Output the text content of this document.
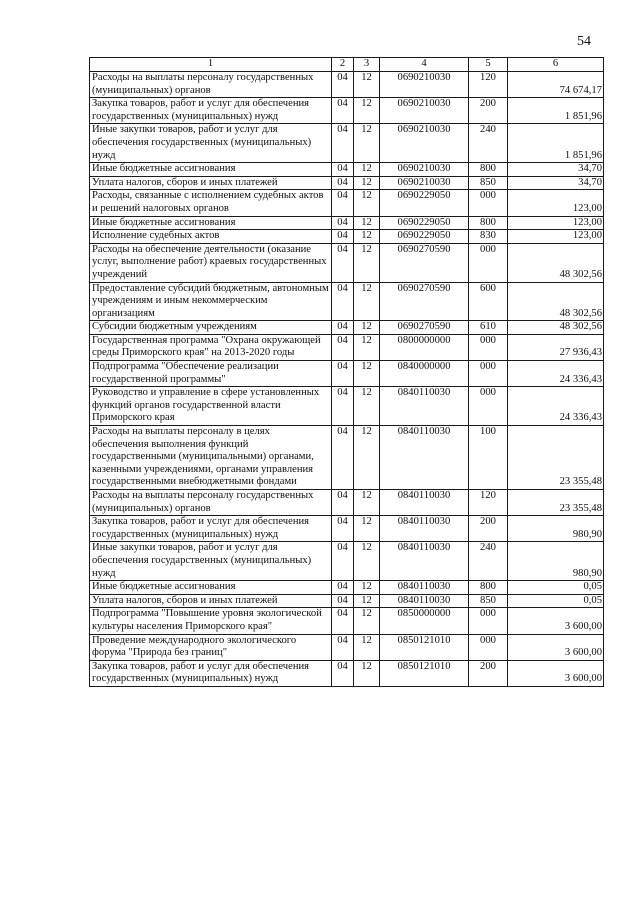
54
1	2	3	4	5	6
Расходы на выплаты персоналу государственных (муниципальных) органов	04	12	0690210030	120	74 674,17
Закупка товаров, работ и услуг для обеспечения государственных (муниципальных) нужд	04	12	0690210030	200	1 851,96
Иные закупки товаров, работ и услуг для обеспечения государственных (муниципальных) нужд	04	12	0690210030	240	1 851,96
Иные бюджетные ассигнования	04	12	0690210030	800	34,70
Уплата налогов, сборов и иных платежей	04	12	0690210030	850	34,70
Расходы, связанные с исполнением судебных актов и решений налоговых органов	04	12	0690229050	000	123,00
Иные бюджетные ассигнования	04	12	0690229050	800	123,00
Исполнение судебных актов	04	12	0690229050	830	123,00
Расходы на обеспечение деятельности (оказание услуг, выполнение работ) краевых государственных учреждений	04	12	0690270590	000	48 302,56
Предоставление субсидий бюджетным, автономным учреждениям и иным некоммерческим организациям	04	12	0690270590	600	48 302,56
Субсидии бюджетным учреждениям	04	12	0690270590	610	48 302,56
Государственная программа "Охрана окружающей среды Приморского края" на 2013-2020 годы	04	12	0800000000	000	27 936,43
Подпрограмма "Обеспечение реализации государственной программы"	04	12	0840000000	000	24 336,43
Руководство и управление в сфере установленных функций органов государственной власти Приморского края	04	12	0840110030	000	24 336,43
Расходы на выплаты персоналу в целях обеспечения выполнения функций государственными (муниципальными) органами, казенными учреждениями, органами управления государственными внебюджетными фондами	04	12	0840110030	100	23 355,48
Расходы на выплаты персоналу государственных (муниципальных) органов	04	12	0840110030	120	23 355,48
Закупка товаров, работ и услуг для обеспечения государственных (муниципальных) нужд	04	12	0840110030	200	980,90
Иные закупки товаров, работ и услуг для обеспечения государственных (муниципальных) нужд	04	12	0840110030	240	980,90
Иные бюджетные ассигнования	04	12	0840110030	800	0,05
Уплата налогов, сборов и иных платежей	04	12	0840110030	850	0,05
Подпрограмма "Повышение уровня экологической культуры населения Приморского края"	04	12	0850000000	000	3 600,00
Проведение международного экологического форума "Природа без границ"	04	12	0850121010	000	3 600,00
Закупка товаров, работ и услуг для обеспечения государственных (муниципальных) нужд	04	12	0850121010	200	3 600,00
